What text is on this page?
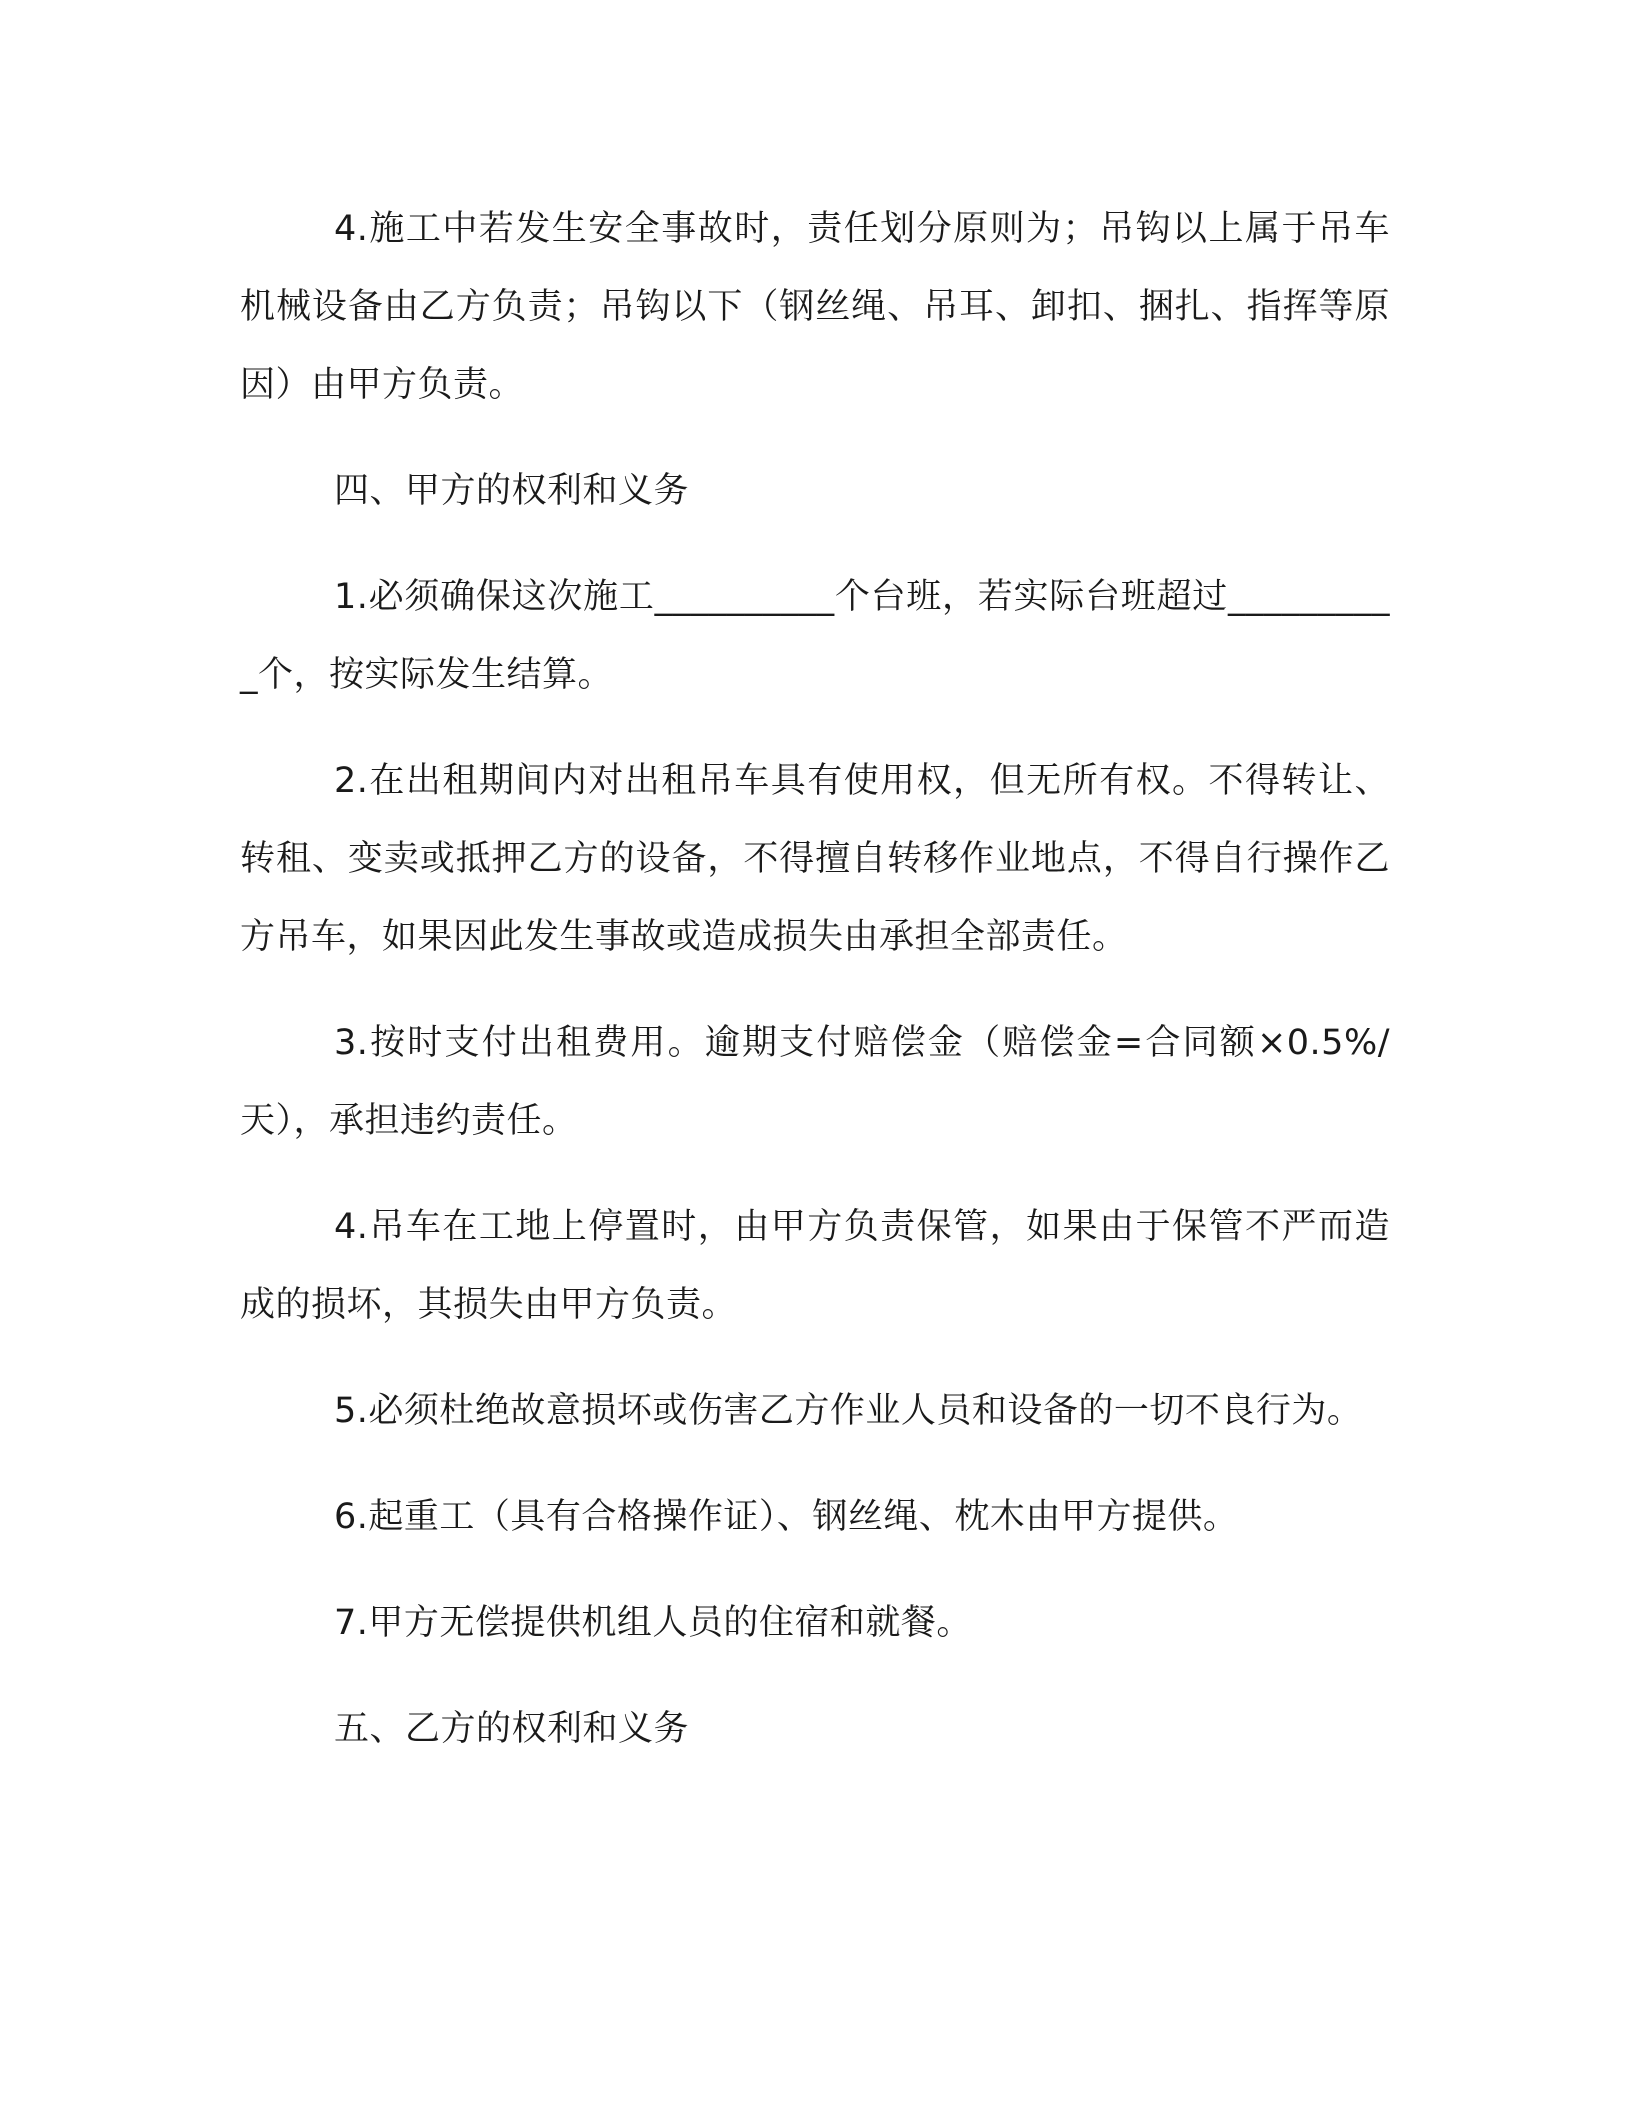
4.施工中若发生安全事故时，责任划分原则为；吊钩以上属于吊车机械设备由乙方负责；吊钩以下（钢丝绳、吊耳、卸扣、捆扎、指挥等原因）由甲方负责。

四、甲方的权利和义务

1.必须确保这次施工__________个台班，若实际台班超过__________个，按实际发生结算。

2.在出租期间内对出租吊车具有使用权，但无所有权。不得转让、转租、变卖或抵押乙方的设备，不得擅自转移作业地点，不得自行操作乙方吊车，如果因此发生事故或造成损失由承担全部责任。

3.按时支付出租费用。逾期支付赔偿金（赔偿金=合同额×0.5%/天），承担违约责任。

4.吊车在工地上停置时，由甲方负责保管，如果由于保管不严而造成的损坏，其损失由甲方负责。

5.必须杜绝故意损坏或伤害乙方作业人员和设备的一切不良行为。

6.起重工（具有合格操作证）、钢丝绳、枕木由甲方提供。

7.甲方无偿提供机组人员的住宿和就餐。

五、乙方的权利和义务
